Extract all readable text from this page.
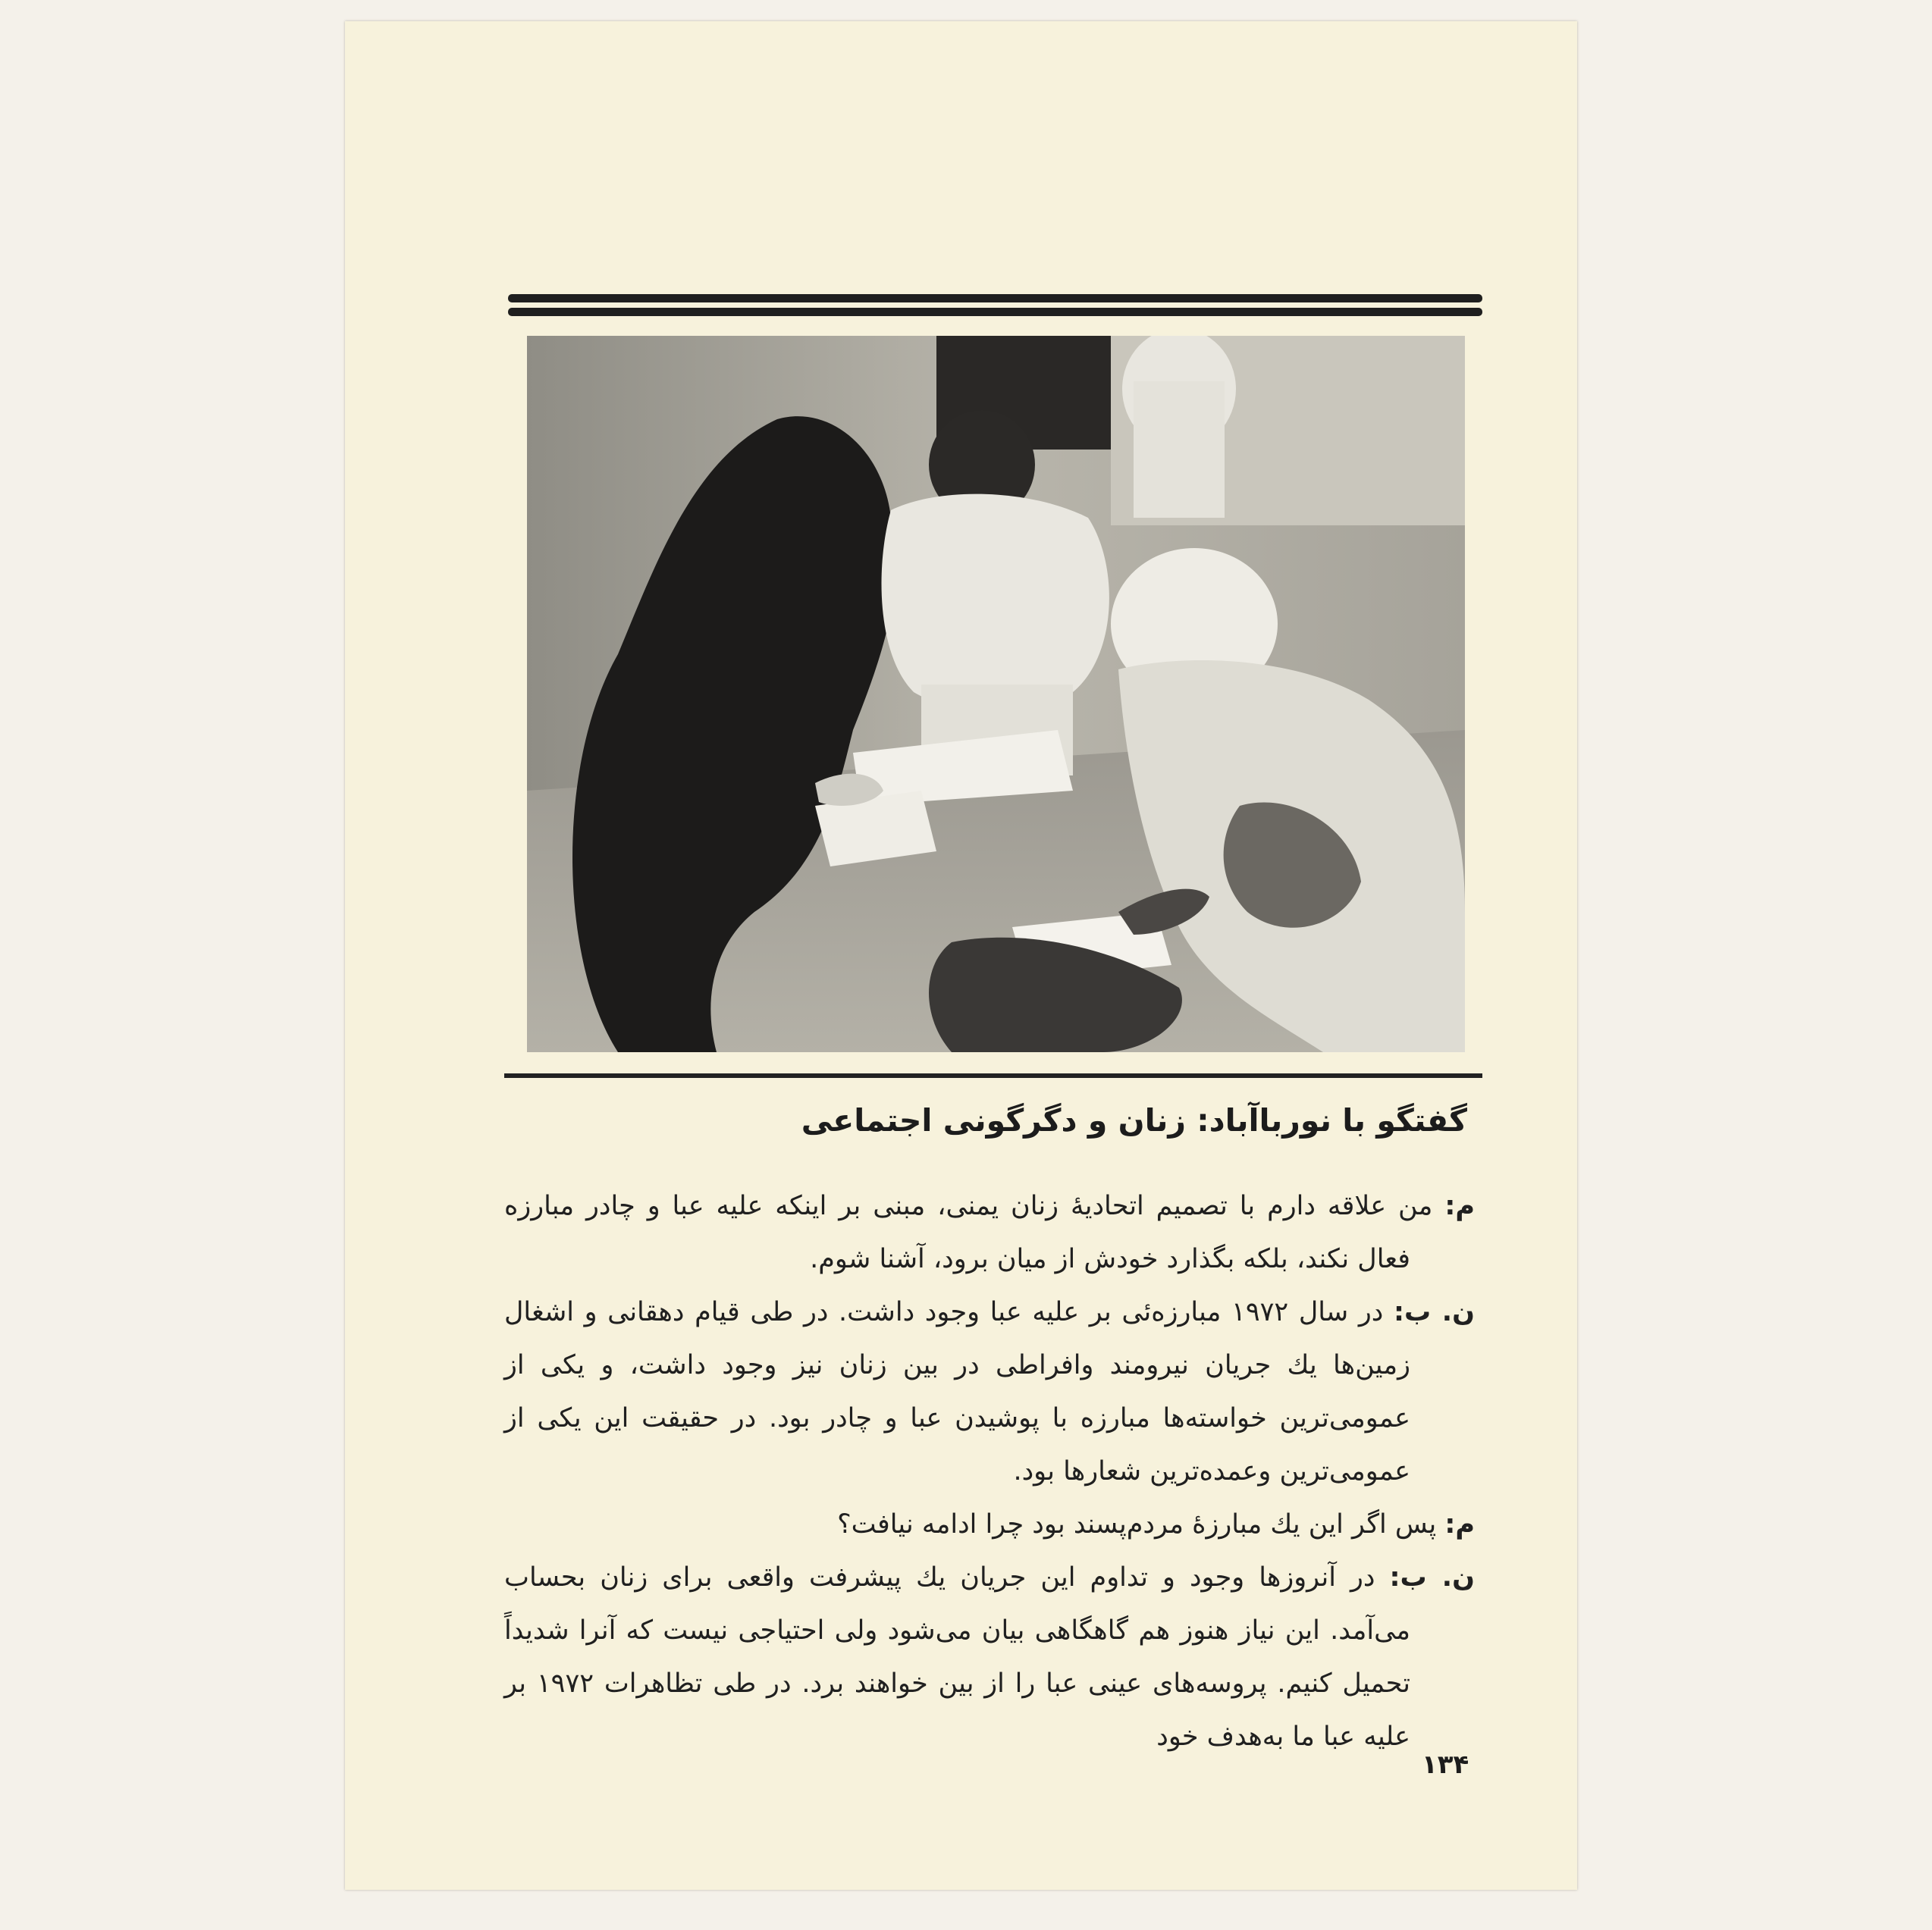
گفتگو با نوربا‌آباد: زنان و دگرگونی اجتماعی

م: من علاقه دارم با تصمیم اتحادیهٔ زنان یمنی، مبنی بر اینکه علیه عبا و چادر مبارزه فعال نکند، بلکه بگذارد خودش از میان برود، آشنا شوم.

ن. ب: در سال ۱۹۷۲ مبارزه‌ئی بر علیه عبا وجود داشت. در طی قیام دهقانی و اشغال زمین‌ها یك جریان نیرومند وافراطی در بین زنان نیز وجود داشت، و یکی از عمومی‌ترین خواسته‌ها مبارزه با پوشیدن عبا و چادر بود. در حقیقت این یکی از عمومی‌ترین وعمده‌ترین شعارها بود.

م: پس اگر این یك مبارزهٔ مردم‌پسند بود چرا ادامه نیافت؟

ن. ب: در آنروزها وجود و تداوم این جریان یك پیشرفت واقعی برای زنان بحساب می‌آمد. این نیاز هنوز هم گاهگاهی بیان می‌شود ولی احتیاجی نیست که آنرا شدیداً تحمیل کنیم. پروسه‌های عینی عبا را از بین خواهند برد. در طی تظاهرات ۱۹۷۲ بر علیه عبا ما به‌هدف خود

۱۳۴
